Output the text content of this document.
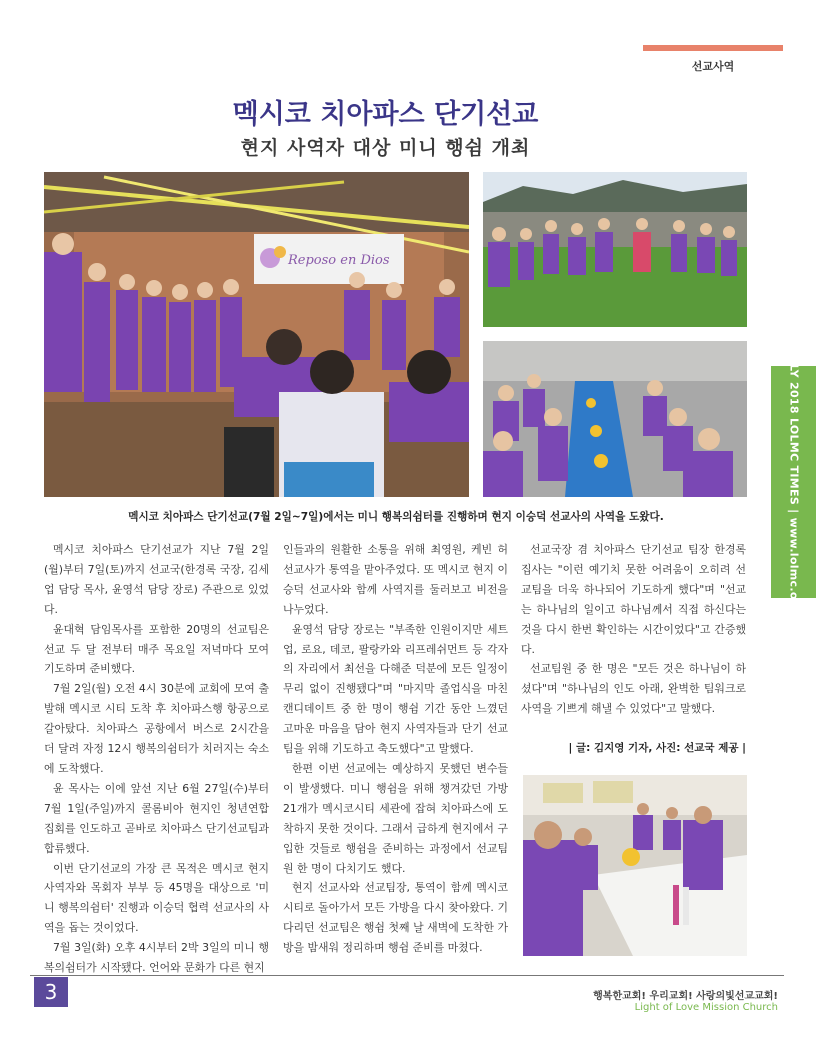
선교사역
JULY 2018 LOLMC TIMES | www.lolmc.org
멕시코 치아파스 단기선교
현지 사역자 대상 미니 행쉼 개최
Reposo en Dios
멕시코 치아파스 단기선교(7월 2일~7일)에서는 미니 행복의쉼터를 진행하며 현지 이승덕 선교사의 사역을 도왔다.

멕시코 치아파스 단기선교가 지난 7월 2일(월)부터 7일(토)까지 선교국(한경록 국장, 김세업 담당 목사, 윤영석 담당 장로) 주관으로 있었다.

윤대혁 담임목사를 포함한 20명의 선교팀은 선교 두 달 전부터 매주 목요일 저녁마다 모여 기도하며 준비했다.

7월 2일(월) 오전 4시 30분에 교회에 모여 출발해 멕시코 시티 도착 후 치아파스행 항공으로 갈아탔다. 치아파스 공항에서 버스로 2시간을 더 달려 자정 12시 행복의쉼터가 치러지는 숙소에 도착했다.

윤 목사는 이에 앞선 지난 6월 27일(수)부터 7월 1일(주일)까지 콜롬비아 현지인 청년연합집회를 인도하고 곧바로 치아파스 단기선교팀과 합류했다.

이번 단기선교의 가장 큰 목적은 멕시코 현지 사역자와 목회자 부부 등 45명을 대상으로 '미니 행복의쉼터' 진행과 이승덕 협력 선교사의 사역을 돕는 것이었다.

7월 3일(화) 오후 4시부터 2박 3일의 미니 행복의쉼터가 시작됐다. 언어와 문화가 다른 현지

인들과의 원활한 소통을 위해 최영원, 케빈 허 선교사가 통역을 맡아주었다. 또 멕시코 현지 이승덕 선교사와 함께 사역지를 둘러보고 비전을 나누었다.

윤영석 담당 장로는 "부족한 인원이지만 세트업, 로요, 데코, 팔랑카와 리프레쉬먼트 등 각자의 자리에서 최선을 다해준 덕분에 모든 일정이 무리 없이 진행됐다"며 "마지막 졸업식을 마친 캔디데이트 중 한 명이 행쉼 기간 동안 느꼈던 고마운 마음을 담아 현지 사역자들과 단기 선교팀을 위해 기도하고 축도했다"고 말했다.

한편 이번 선교에는 예상하지 못했던 변수들이 발생했다. 미니 행쉼을 위해 챙겨갔던 가방 21개가 멕시코시티 세관에 잡혀 치아파스에 도착하지 못한 것이다. 그래서 급하게 현지에서 구입한 것들로 행쉼을 준비하는 과정에서 선교팀원 한 명이 다치기도 했다.

현지 선교사와 선교팀장, 통역이 함께 멕시코 시티로 돌아가서 모든 가방을 다시 찾아왔다. 기다리던 선교팀은 행쉼 첫째 날 새벽에 도착한 가방을 밤새워 정리하며 행쉼 준비를 마쳤다.

선교국장 겸 치아파스 단기선교 팀장 한경록 집사는 "이런 예기치 못한 어려움이 오히려 선교팀을 더욱 하나되어 기도하게 했다"며 "선교는 하나님의 일이고 하나님께서 직접 하신다는 것을 다시 한번 확인하는 시간이었다"고 간증했다.

선교팀원 중 한 명은 "모든 것은 하나님이 하셨다"며 "하나님의 인도 아래, 완벽한 팀워크로 사역을 기쁘게 해낼 수 있었다"고 말했다.

| 글: 김지영 기자, 사진: 선교국 제공 |
3	행복한교회! 우리교회! 사랑의빛선교교회!
Light of Love Mission Church
